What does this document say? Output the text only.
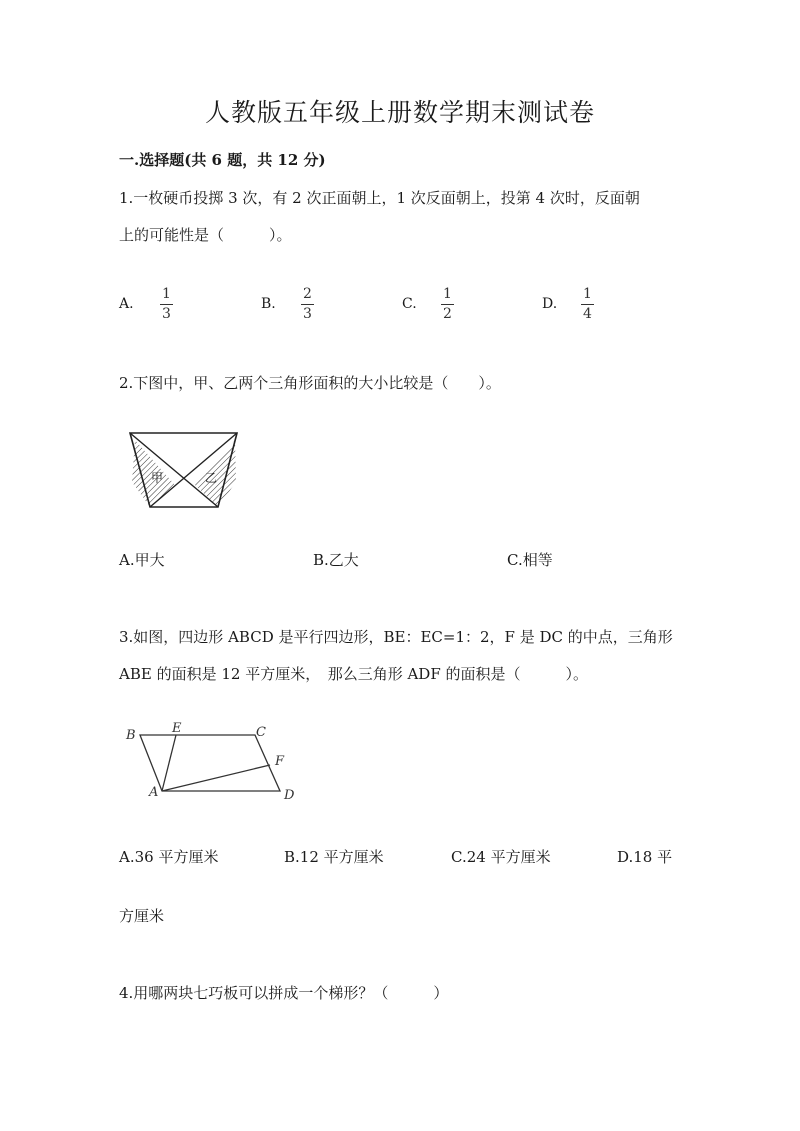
人教版五年级上册数学期末测试卷
一.选择题(共 6 题，共 12 分)
1.一枚硬币投掷 3 次，有 2 次正面朝上，1 次反面朝上，投第 4 次时，反面朝
上的可能性是（　　　）。
A. $\frac{1}{3}$	B. $\frac{2}{3}$	C. $\frac{1}{2}$	D. $\frac{1}{4}$
2.下图中，甲、乙两个三角形面积的大小比较是（　　）。
甲	乙
A.甲大	B.乙大	C.相等
3.如图，四边形 ABCD 是平行四边形，BE：EC=1：2，F 是 DC 的中点，三角形
ABE 的面积是 12 平方厘米，　那么三角形 ADF 的面积是（　　　）。
B	E	C
F
A	D
A.36 平方厘米	B.12 平方厘米	C.24 平方厘米	D.18 平
方厘米
4.用哪两块七巧板可以拼成一个梯形？（　　　）
